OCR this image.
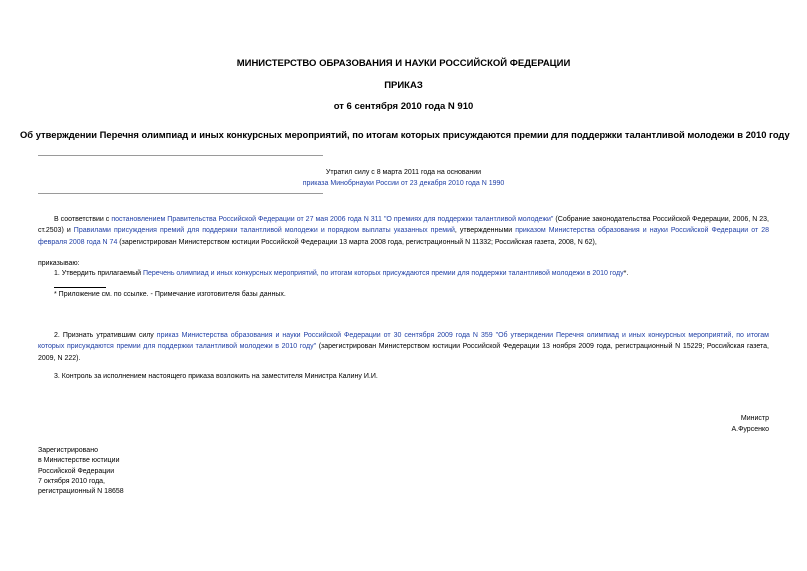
МИНИСТЕРСТВО ОБРАЗОВАНИЯ И НАУКИ РОССИЙСКОЙ ФЕДЕРАЦИИ
ПРИКАЗ
от 6 сентября 2010 года N 910
Об утверждении Перечня олимпиад и иных конкурсных мероприятий, по итогам которых присуждаются премии для поддержки талантливой молодежи в 2010 году
Утратил силу с 8 марта 2011 года на основании
приказа Минобрнауки России от 23 декабря 2010 года N 1990
В соответствии с постановлением Правительства Российской Федерации от 27 мая 2006 года N 311 "О премиях для поддержки талантливой молодежи" (Собрание законодательства Российской Федерации, 2006, N 23, ст.2503) и Правилами присуждения премий для поддержки талантливой молодежи и порядком выплаты указанных премий, утвержденными приказом Министерства образования и науки Российской Федерации от 28 февраля 2008 года N 74 (зарегистрирован Министерством юстиции Российской Федерации 13 марта 2008 года, регистрационный N 11332; Российская газета, 2008, N 62),
приказываю:
1. Утвердить прилагаемый Перечень олимпиад и иных конкурсных мероприятий, по итогам которых присуждаются премии для поддержки талантливой молодежи в 2010 году*.
* Приложение см. по ссылке. - Примечание изготовителя базы данных.
2. Признать утратившим силу приказ Министерства образования и науки Российской Федерации от 30 сентября 2009 года N 359 "Об утверждении Перечня олимпиад и иных конкурсных мероприятий, по итогам которых присуждаются премии для поддержки талантливой молодежи в 2010 году" (зарегистрирован Министерством юстиции Российской Федерации 13 ноября 2009 года, регистрационный N 15229; Российская газета, 2009, N 222).
3. Контроль за исполнением настоящего приказа возложить на заместителя Министра Калину И.И.
Министр
А.Фурсенко
Зарегистрировано
в Министерстве юстиции
Российской Федерации
7 октября 2010 года,
регистрационный N 18658
